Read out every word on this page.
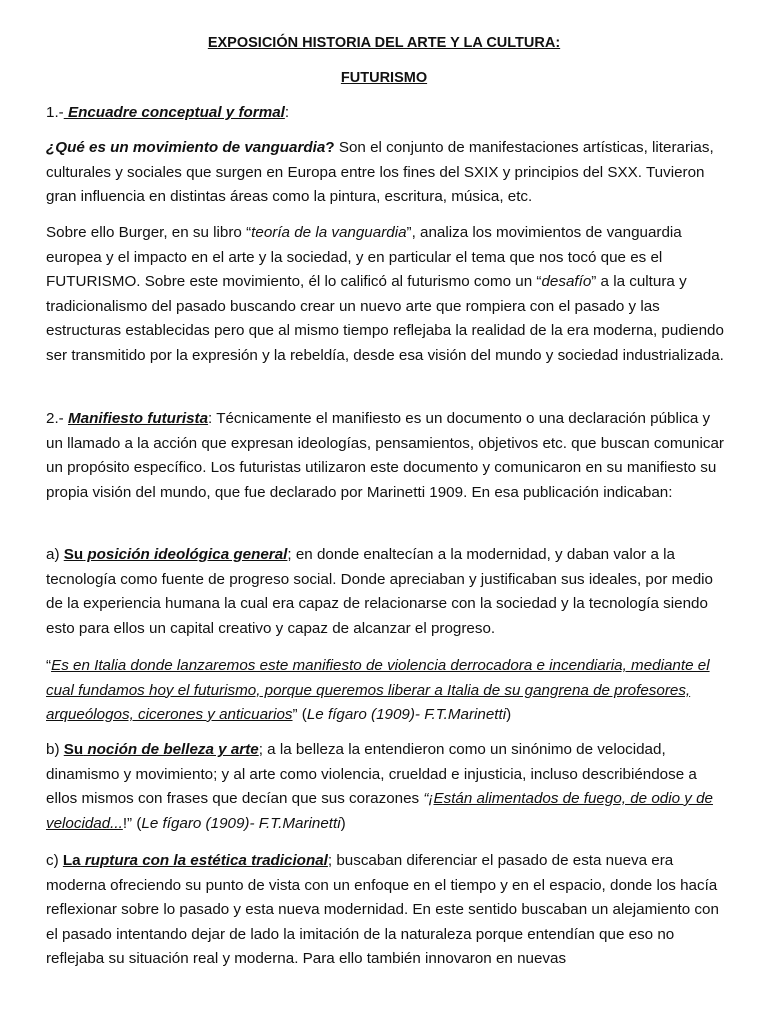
EXPOSICIÓN HISTORIA DEL ARTE Y LA CULTURA:
FUTURISMO

1.- Encuadre conceptual y formal:

¿Qué es un movimiento de vanguardia? Son el conjunto de manifestaciones artísticas, literarias, culturales y sociales que surgen en Europa entre los fines del SXIX y principios del SXX. Tuvieron gran influencia en distintas áreas como la pintura, escritura, música, etc.

Sobre ello Burger, en su libro “teoría de la vanguardia”, analiza los movimientos de vanguardia europea y el impacto en el arte y la sociedad, y en particular el tema que nos tocó que es el FUTURISMO. Sobre este movimiento, él lo calificó al futurismo como un “desafío” a la cultura y tradicionalismo del pasado buscando crear un nuevo arte que rompiera con el pasado y las estructuras establecidas pero que al mismo tiempo reflejaba la realidad de la era moderna, pudiendo ser transmitido por la expresión y la rebeldía, desde esa visión del mundo y sociedad industrializada.

2.- Manifiesto futurista: Técnicamente el manifiesto es un documento o una declaración pública y un llamado a la acción que expresan ideologías, pensamientos, objetivos etc. que buscan comunicar un propósito específico. Los futuristas utilizaron este documento y comunicaron en su manifiesto su propia visión del mundo, que fue declarado por Marinetti 1909. En esa publicación indicaban:

a) Su posición ideológica general; en donde enaltecían a la modernidad, y daban valor a la tecnología como fuente de progreso social. Donde apreciaban y justificaban sus ideales, por medio de la experiencia humana la cual era capaz de relacionarse con la sociedad y la tecnología siendo esto para ellos un capital creativo y capaz de alcanzar el progreso.

“Es en Italia donde lanzaremos este manifiesto de violencia derrocadora e incendiaria, mediante el cual fundamos hoy el futurismo, porque queremos liberar a Italia de su gangrena de profesores, arqueólogos, cicerones y anticuarios” (Le fígaro (1909)- F.T.Marinetti)

b) Su noción de belleza y arte; a la belleza la entendieron como un sinónimo de velocidad, dinamismo y movimiento; y al arte como violencia, crueldad e injusticia, incluso describiéndose a ellos mismos con frases que decían que sus corazones “¡Están alimentados de fuego, de odio y de velocidad...!” (Le fígaro (1909)- F.T.Marinetti)

c) La ruptura con la estética tradicional; buscaban diferenciar el pasado de esta nueva era moderna ofreciendo su punto de vista con un enfoque en el tiempo y en el espacio, donde los hacía reflexionar sobre lo pasado y esta nueva modernidad. En este sentido buscaban un alejamiento con el pasado intentando dejar de lado la imitación de la naturaleza porque entendían que eso no reflejaba su situación real y moderna. Para ello también innovaron en nuevas
